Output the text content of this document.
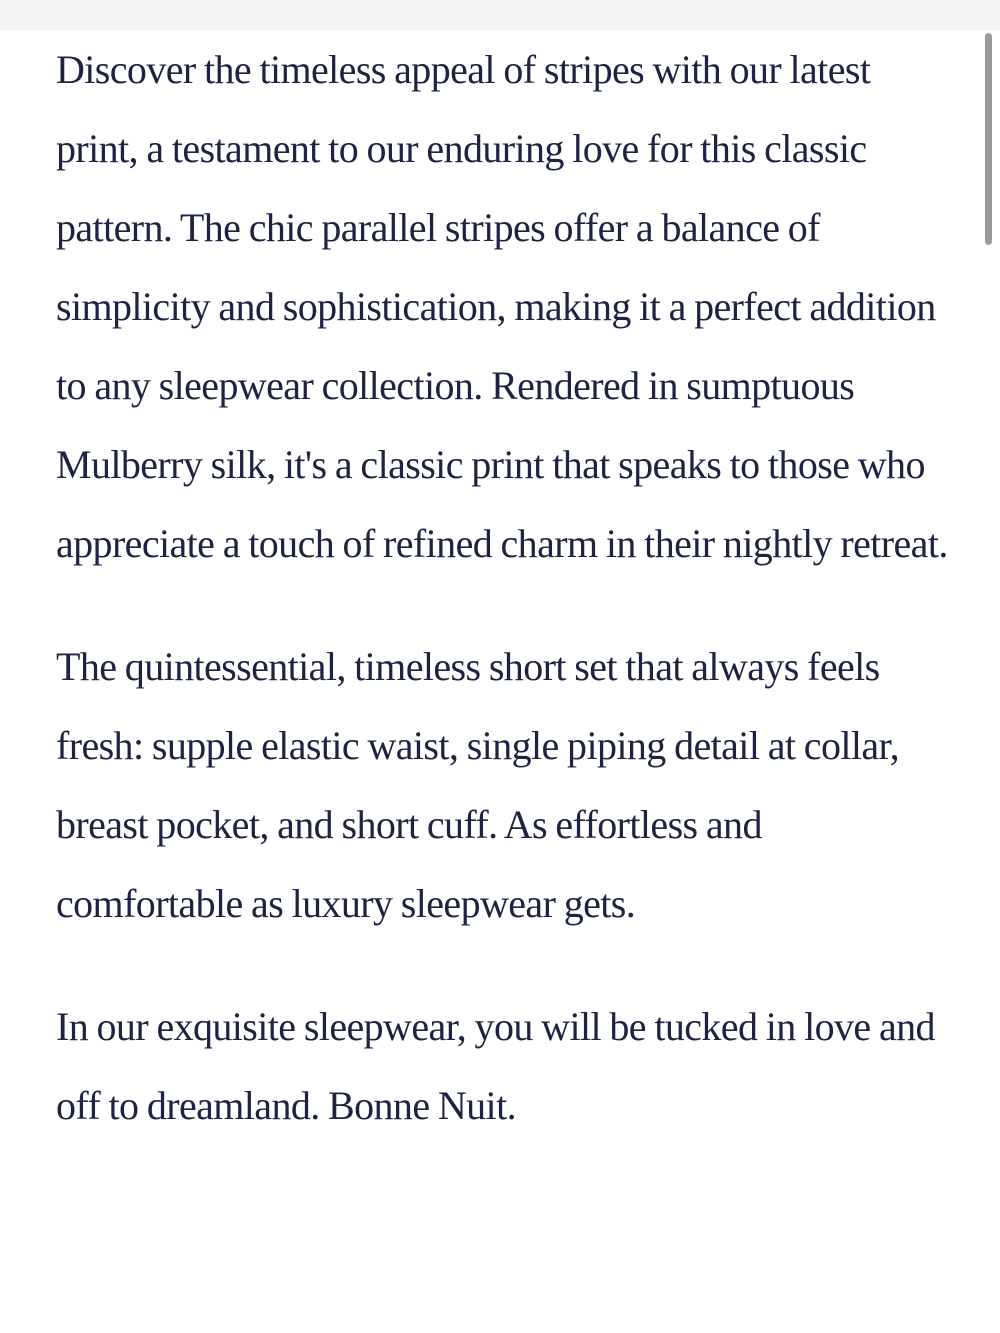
Discover the timeless appeal of stripes with our latest print, a testament to our enduring love for this classic pattern. The chic parallel stripes offer a balance of simplicity and sophistication, making it a perfect addition to any sleepwear collection. Rendered in sumptuous Mulberry silk, it's a classic print that speaks to those who appreciate a touch of refined charm in their nightly retreat.

The quintessential, timeless short set that always feels fresh: supple elastic waist, single piping detail at collar, breast pocket, and short cuff. As effortless and comfortable as luxury sleepwear gets.

In our exquisite sleepwear, you will be tucked in love and off to dreamland. Bonne Nuit.
